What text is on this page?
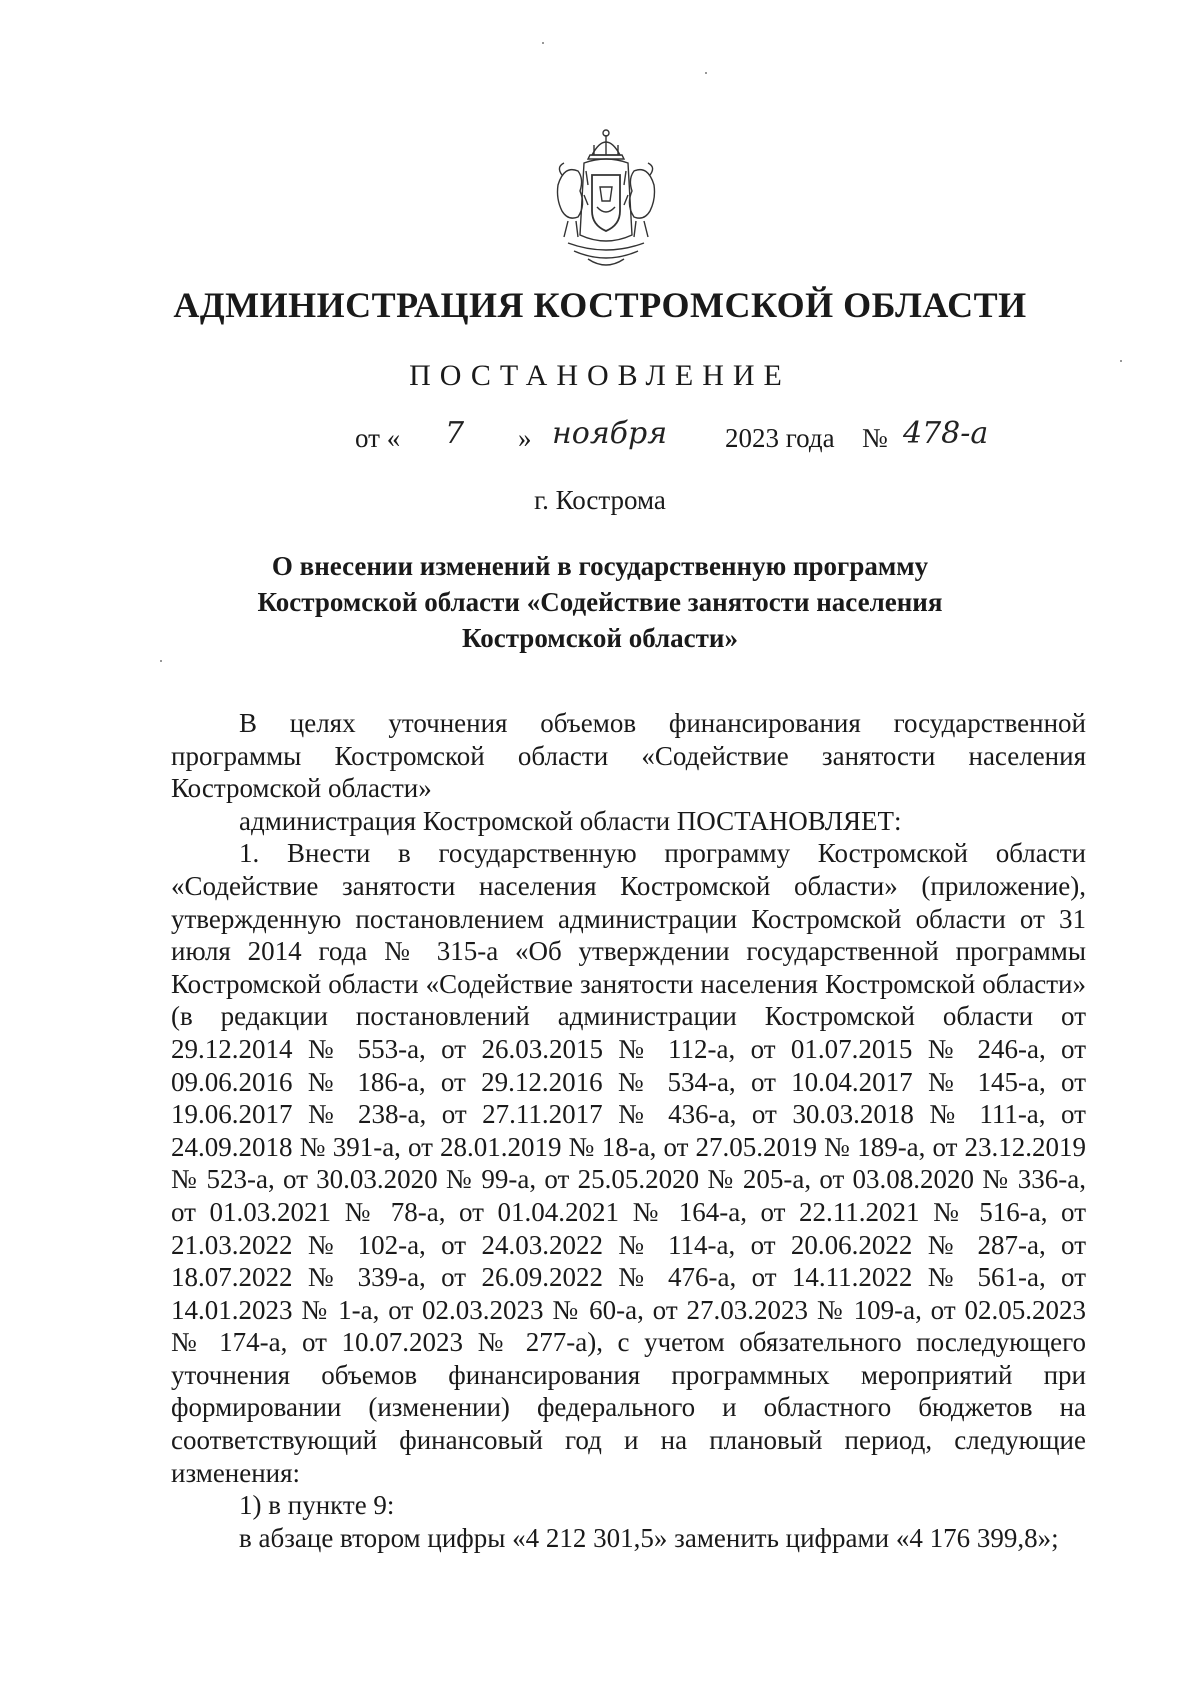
АДМИНИСТРАЦИЯ КОСТРОМСКОЙ ОБЛАСТИ
ПОСТАНОВЛЕНИЕ
от « 7 » ноября 2023 года № 478-а
г. Кострома
О внесении изменений в государственную программу
Костромской области «Содействие занятости населения
Костромской области»

В целях уточнения объемов финансирования государственной программы Костромской области «Содействие занятости населения Костромской области»

администрация Костромской области ПОСТАНОВЛЯЕТ:

1. Внести в государственную программу Костромской области «Содействие занятости населения Костромской области» (приложение), утвержденную постановлением администрации Костромской области от 31 июля 2014 года № 315-а «Об утверждении государственной программы Костромской области «Содействие занятости населения Костромской области» (в редакции постановлений администрации Костромской области от 29.12.2014 № 553-а, от 26.03.2015 № 112-а, от 01.07.2015 № 246-а, от 09.06.2016 № 186-а, от 29.12.2016 № 534-а, от 10.04.2017 № 145-а, от 19.06.2017 № 238-а, от 27.11.2017 № 436-а, от 30.03.2018 № 111-а, от 24.09.2018 № 391-а, от 28.01.2019 № 18-а, от 27.05.2019 № 189-а, от 23.12.2019 № 523-а, от 30.03.2020 № 99-а, от 25.05.2020 № 205-а, от 03.08.2020 № 336-а, от 01.03.2021 № 78-а, от 01.04.2021 № 164-а, от 22.11.2021 № 516-а, от 21.03.2022 № 102-а, от 24.03.2022 № 114-а, от 20.06.2022 № 287-а, от 18.07.2022 № 339-а, от 26.09.2022 № 476-а, от 14.11.2022 № 561-а, от 14.01.2023 № 1-а, от 02.03.2023 № 60-а, от 27.03.2023 № 109-а, от 02.05.2023 № 174-а, от 10.07.2023 № 277-а), с учетом обязательного последующего уточнения объемов финансирования программных мероприятий при формировании (изменении) федерального и областного бюджетов на соответствующий финансовый год и на плановый период, следующие изменения:

1) в пункте 9:

в абзаце втором цифры «4 212 301,5» заменить цифрами «4 176 399,8»;
